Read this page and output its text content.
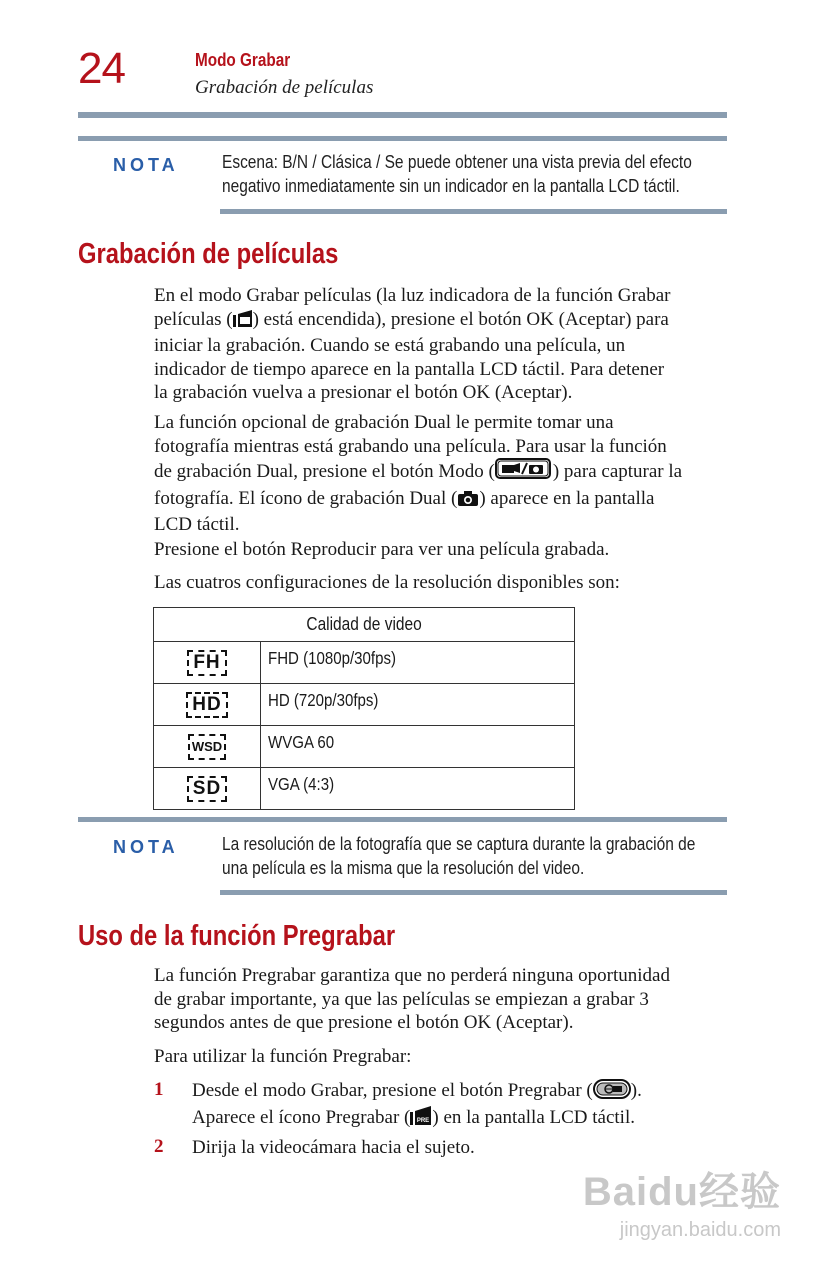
24	Modo Grabar
Grabación de películas
NOTA Escena: B/N / Clásica / Se puede obtener una vista previa del efecto
negativo inmediatamente sin un indicador en la pantalla LCD táctil.
Grabación de películas
En el modo Grabar películas (la luz indicadora de la función Grabar
películas ( ) está encendida), presione el botón OK (Aceptar) para
iniciar la grabación. Cuando se está grabando una película, un
indicador de tiempo aparece en la pantalla LCD táctil. Para detener
la grabación vuelva a presionar el botón OK (Aceptar).
La función opcional de grabación Dual le permite tomar una
fotografía mientras está grabando una película. Para usar la función
de grabación Dual, presione el botón Modo (	) para capturar la
fotografía. El ícono de grabación Dual ( ) aparece en la pantalla
LCD táctil.
Presione el botón Reproducir para ver una película grabada.
Las cuatros configuraciones de la resolución disponibles son:
Calidad de video	
FH	FHD (1080p/30fps)
HD	HD (720p/30fps)
WSD	WVGA 60
SD	VGA (4:3)
NOTA La resolución de la fotografía que se captura durante la grabación de
una película es la misma que la resolución del video.
Uso de la función Pregrabar
La función Pregrabar garantiza que no perderá ninguna oportunidad
de grabar importante, ya que las películas se empiezan a grabar 3
segundos antes de que presione el botón OK (Aceptar).
Para utilizar la función Pregrabar:
1 Desde el modo Grabar, presione el botón Pregrabar ( ).
Aparece el ícono Pregrabar ( PRE ) en la pantalla LCD táctil.
2 Dirija la videocámara hacia el sujeto.
Baidu经验
jingyan.baidu.com
